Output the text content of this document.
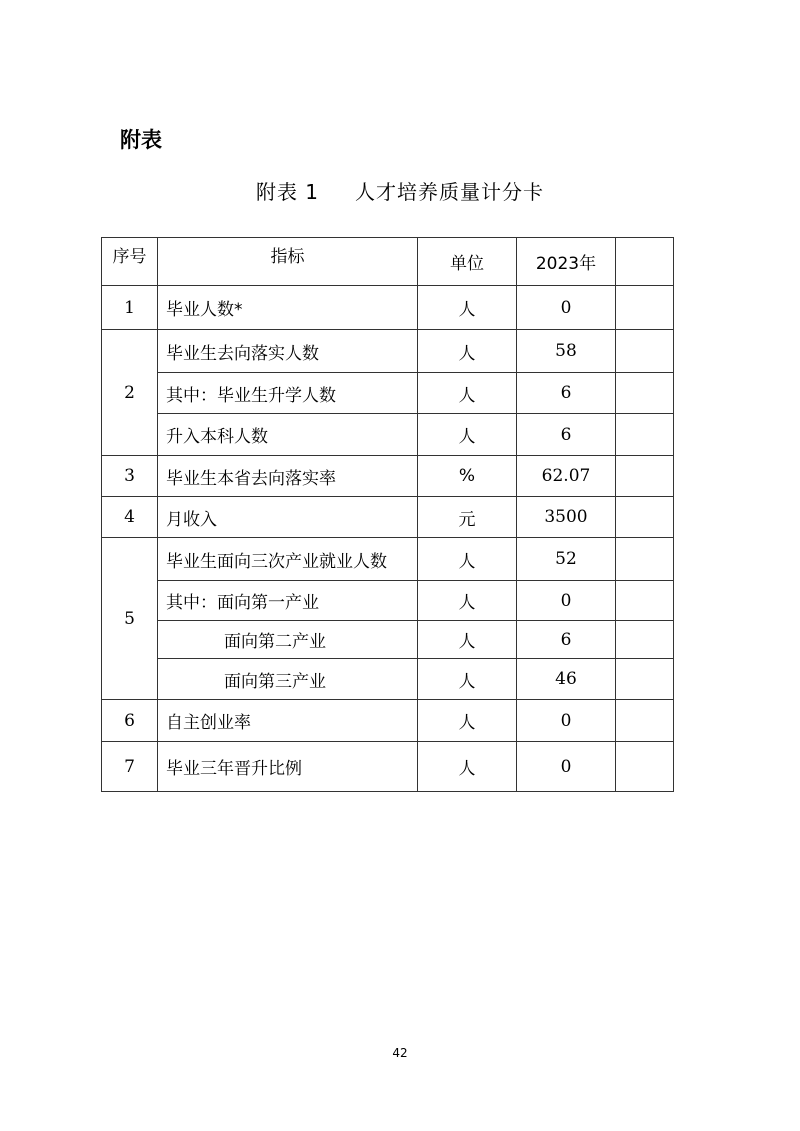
附表
附表 1 人才培养质量计分卡
序号	指标	单位	2023年	
1	毕业人数*	人	0	
2	毕业生去向落实人数	人	58	
	其中：毕业生升学人数	人	6	
	升入本科人数	人	6	
3	毕业生本省去向落实率	%	62.07	
4	月收入	元	3500	
5	毕业生面向三次产业就业人数	人	52	
	其中：面向第一产业	人	0	
	面向第二产业	人	6	
	面向第三产业	人	46	
6	自主创业率	人	0	
7	毕业三年晋升比例	人	0	
42
